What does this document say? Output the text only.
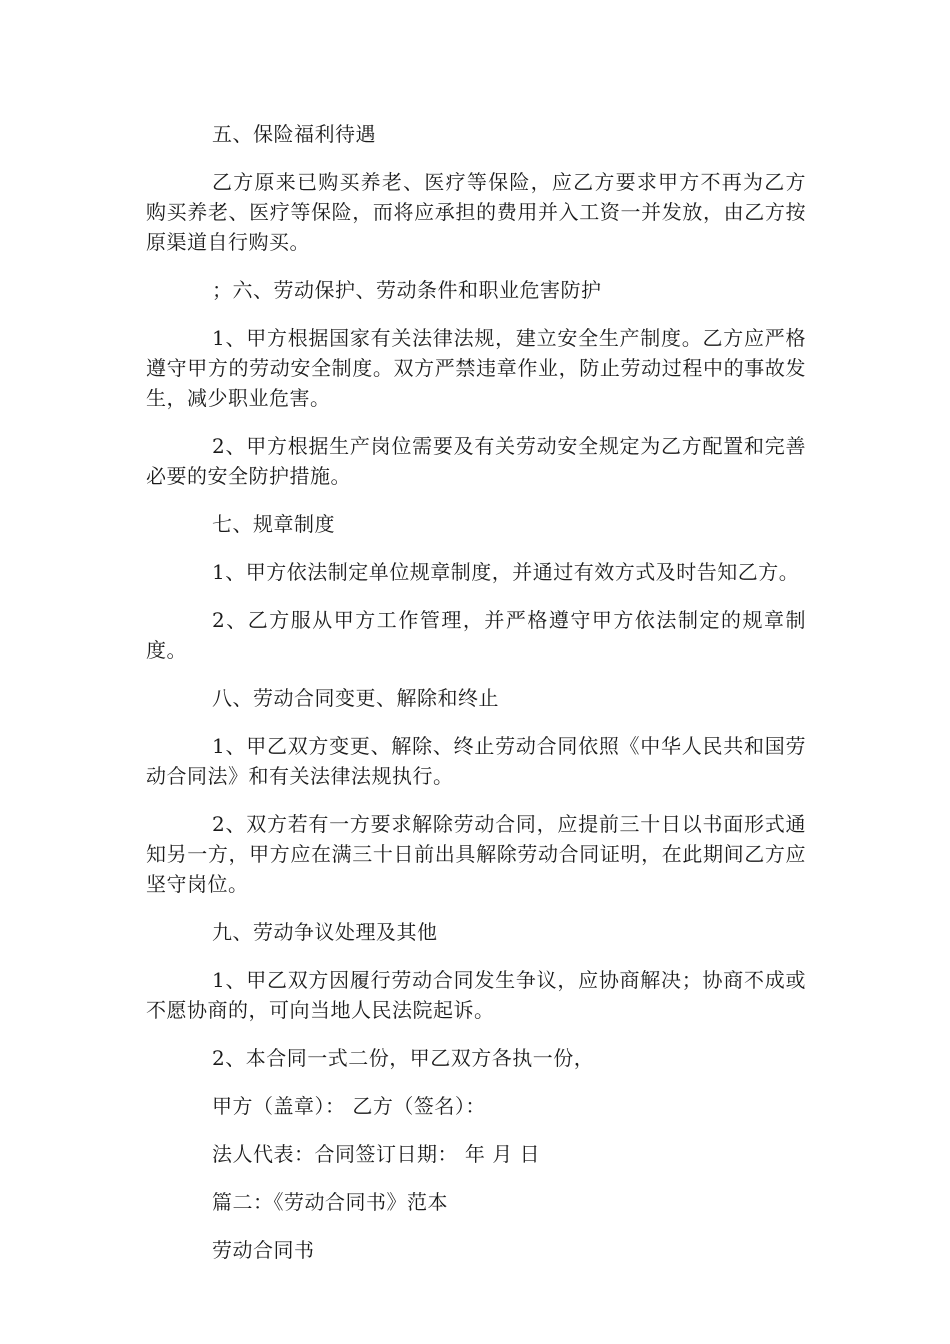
五、保险福利待遇

乙方原来已购买养老、医疗等保险，应乙方要求甲方不再为乙方购买养老、医疗等保险，而将应承担的费用并入工资一并发放，由乙方按原渠道自行购买。

；六、劳动保护、劳动条件和职业危害防护

1、甲方根据国家有关法律法规，建立安全生产制度。乙方应严格遵守甲方的劳动安全制度。双方严禁违章作业，防止劳动过程中的事故发生，减少职业危害。

2、甲方根据生产岗位需要及有关劳动安全规定为乙方配置和完善必要的安全防护措施。

七、规章制度

1、甲方依法制定单位规章制度，并通过有效方式及时告知乙方。

2、乙方服从甲方工作管理，并严格遵守甲方依法制定的规章制度。

八、劳动合同变更、解除和终止

1、甲乙双方变更、解除、终止劳动合同依照《中华人民共和国劳动合同法》和有关法律法规执行。

2、双方若有一方要求解除劳动合同，应提前三十日以书面形式通知另一方，甲方应在满三十日前出具解除劳动合同证明，在此期间乙方应坚守岗位。

九、劳动争议处理及其他

1、甲乙双方因履行劳动合同发生争议，应协商解决；协商不成或不愿协商的，可向当地人民法院起诉。

2、本合同一式二份，甲乙双方各执一份，

甲方（盖章）： 乙方（签名）：

法人代表：合同签订日期： 年 月 日

篇二：《劳动合同书》范本

劳动合同书
